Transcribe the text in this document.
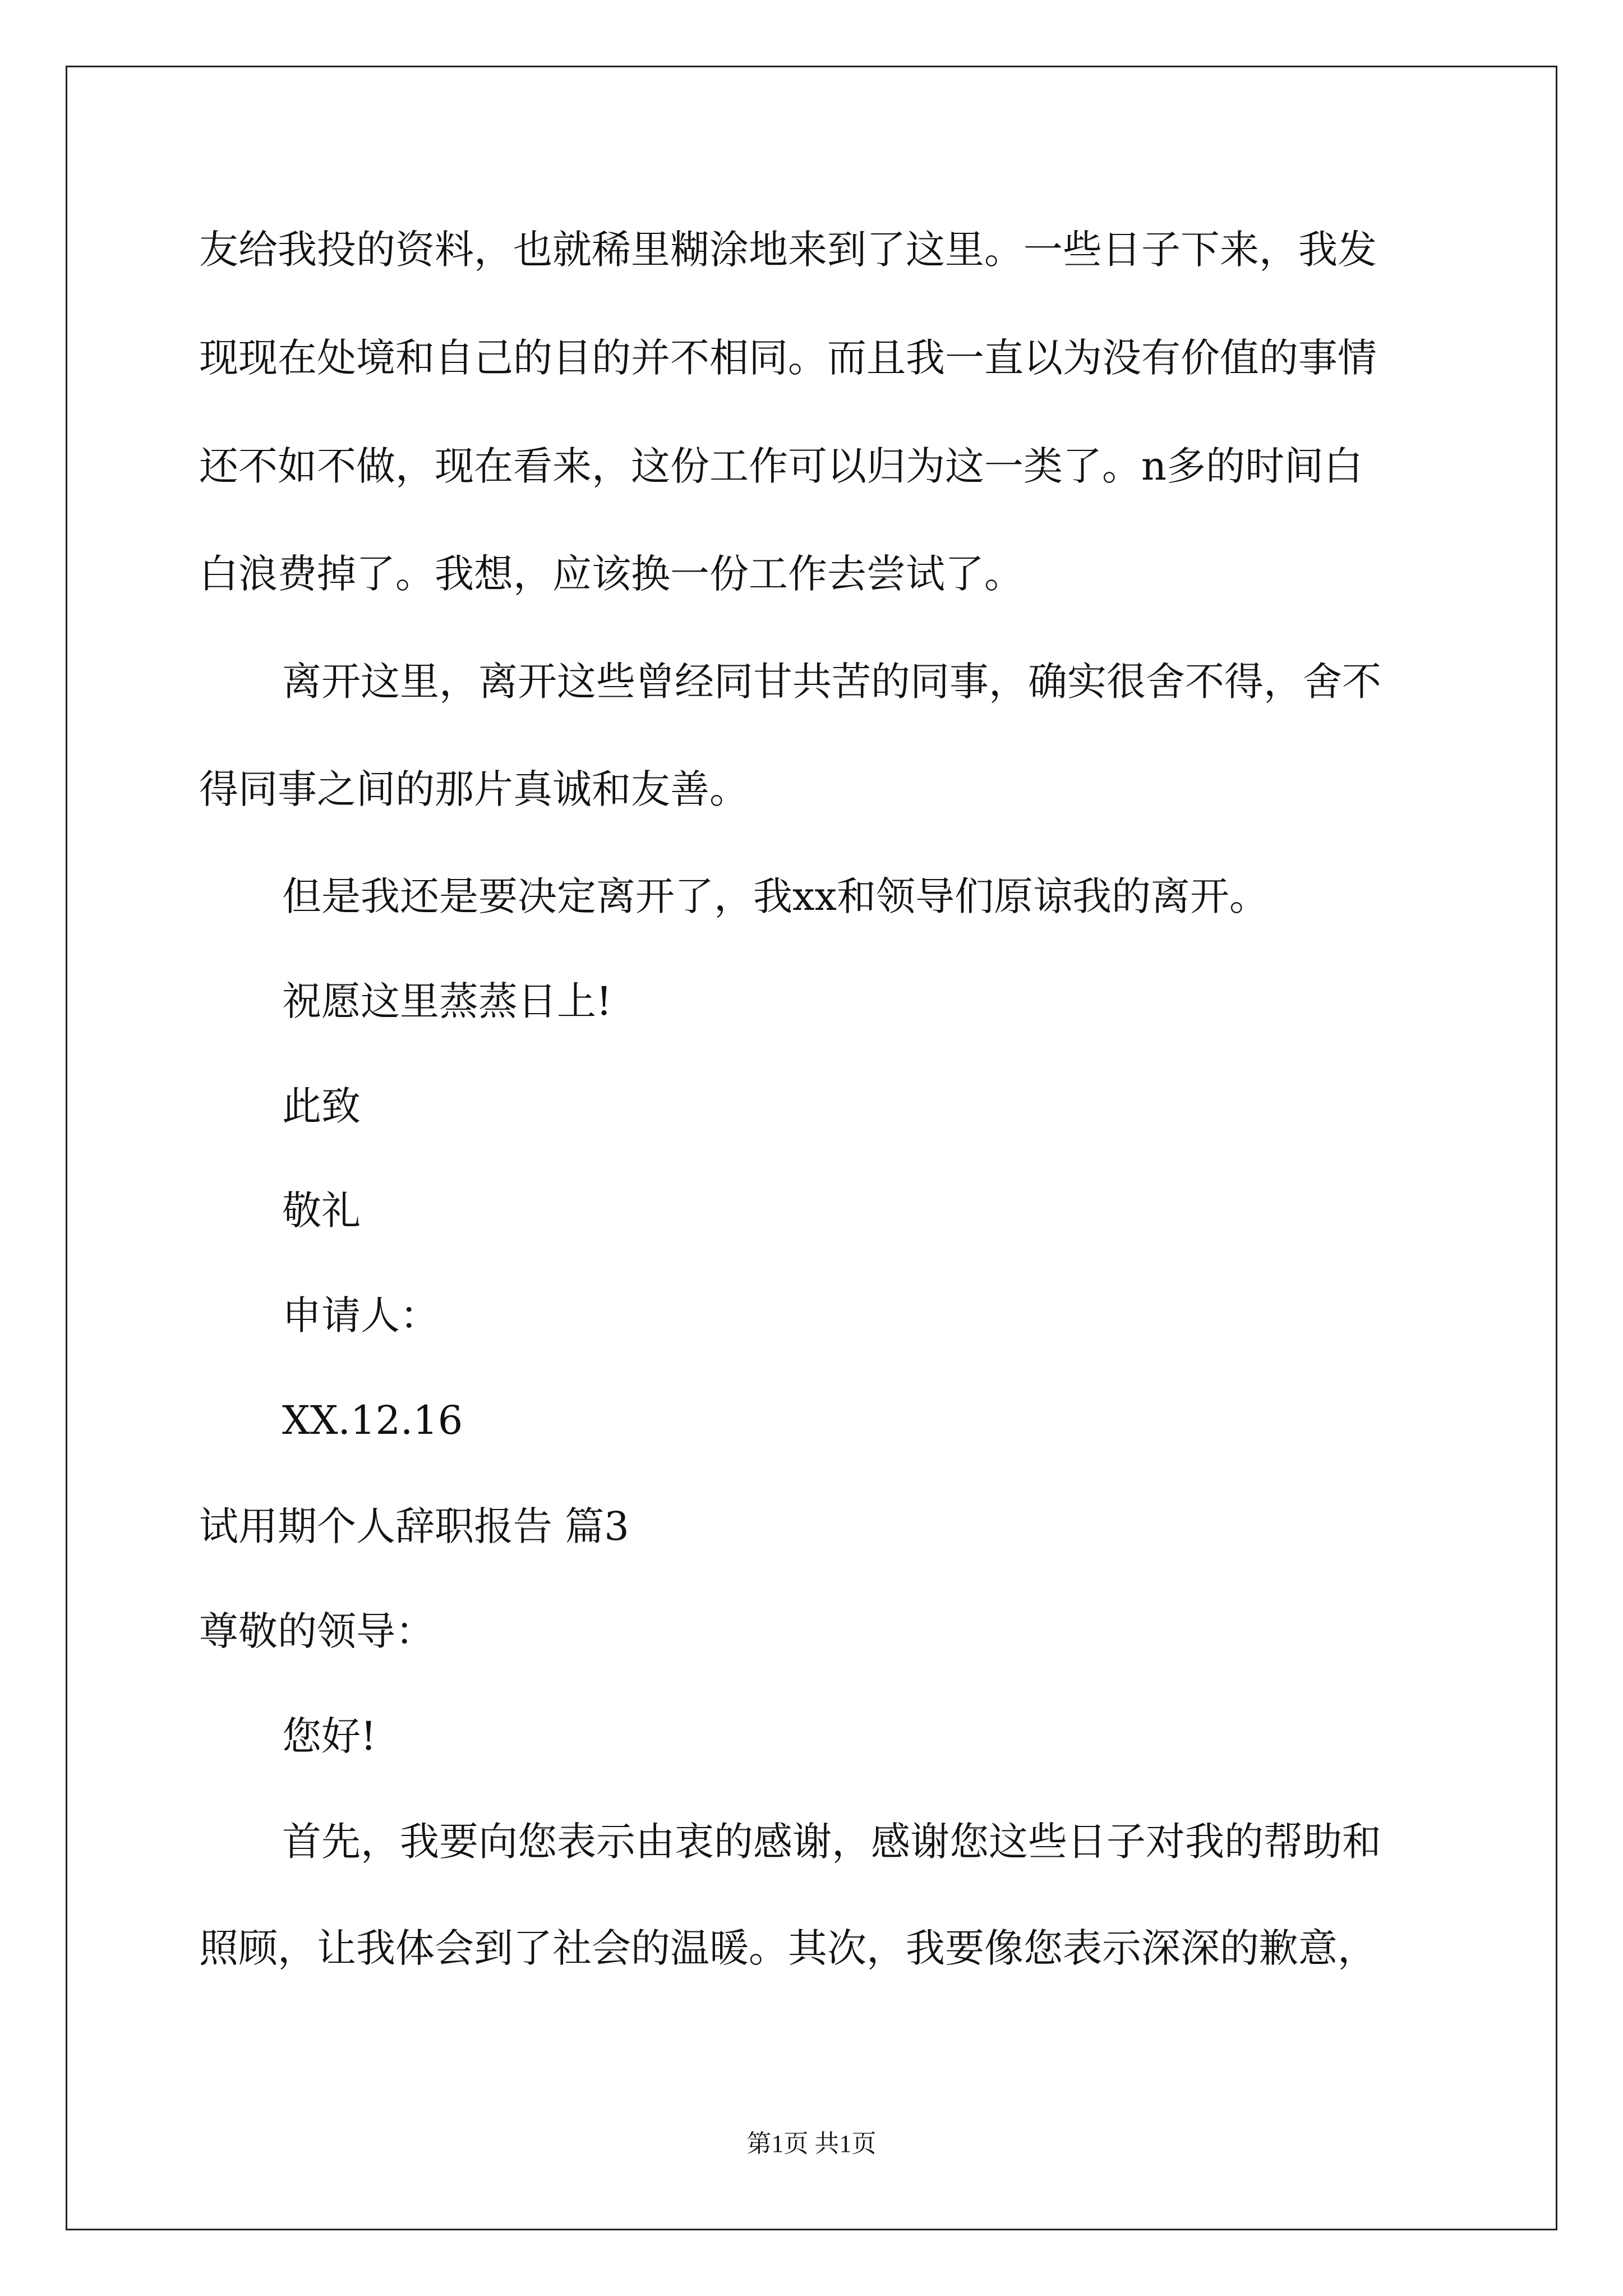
友给我投的资料，也就稀里糊涂地来到了这里。一些日子下来，我发
现现在处境和自己的目的并不相同。而且我一直以为没有价值的事情
还不如不做，现在看来，这份工作可以归为这一类了。n多的时间白
白浪费掉了。我想，应该换一份工作去尝试了。
离开这里，离开这些曾经同甘共苦的同事，确实很舍不得，舍不
得同事之间的那片真诚和友善。
但是我还是要决定离开了，我xx和领导们原谅我的离开。
祝愿这里蒸蒸日上!
此致
敬礼
申请人：
XX.12.16
试用期个人辞职报告 篇3
尊敬的领导：
您好!
首先，我要向您表示由衷的感谢，感谢您这些日子对我的帮助和
照顾，让我体会到了社会的温暖。其次，我要像您表示深深的歉意，
第1页 共1页
